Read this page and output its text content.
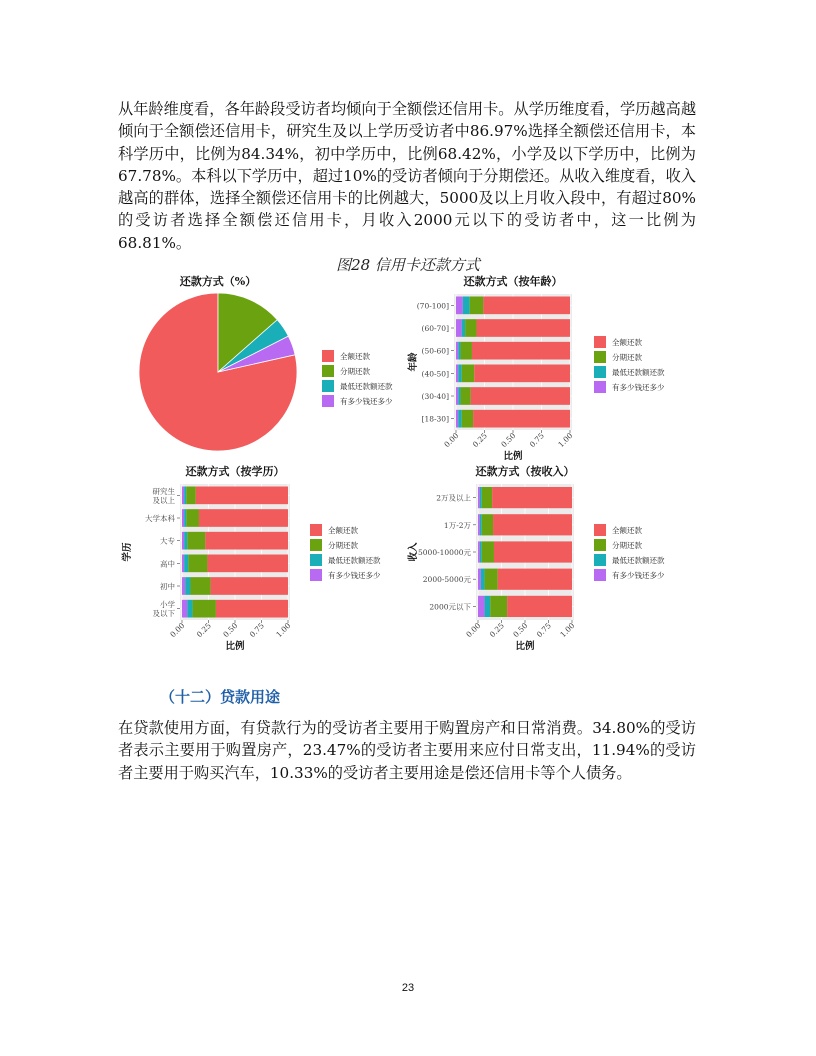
从年龄维度看，各年龄段受访者均倾向于全额偿还信用卡。从学历维度看，学历越高越倾向于全额偿还信用卡，研究生及以上学历受访者中86.97%选择全额偿还信用卡，本科学历中，比例为84.34%，初中学历中，比例68.42%，小学及以下学历中，比例为67.78%。本科以下学历中，超过10%的受访者倾向于分期偿还。从收入维度看，收入越高的群体，选择全额偿还信用卡的比例越大，5000及以上月收入段中，有超过80%的受访者选择全额偿还信用卡，月收入2000元以下的受访者中，这一比例为68.81%。

图28 信用卡还款方式
还款方式（%）
全额还款
分期还款
最低还款额还款
有多少钱还多少
还款方式（按年龄）
(70-100]
(60-70]
(50-60]
(40-50]
(30-40]
[18-30]
0.00 0.25 0.50 0.75 1.00
比例
年龄
全额还款
分期还款
最低还款额还款
有多少钱还多少
还款方式（按学历）
研究生
及以上
大学本科
大专
高中
初中
小学
及以下
0.00 0.25 0.50 0.75 1.00
比例
学历
全额还款
分期还款
最低还款额还款
有多少钱还多少
还款方式（按收入）
2万及以上
1万-2万
5000-10000元
2000-5000元
2000元以下
0.00 0.25 0.50 0.75 1.00
比例
收入
全额还款
分期还款
最低还款额还款
有多少钱还多少
（十二）贷款用途

在贷款使用方面，有贷款行为的受访者主要用于购置房产和日常消费。34.80%的受访者表示主要用于购置房产，23.47%的受访者主要用来应付日常支出，11.94%的受访者主要用于购买汽车，10.33%的受访者主要用途是偿还信用卡等个人债务。

23
